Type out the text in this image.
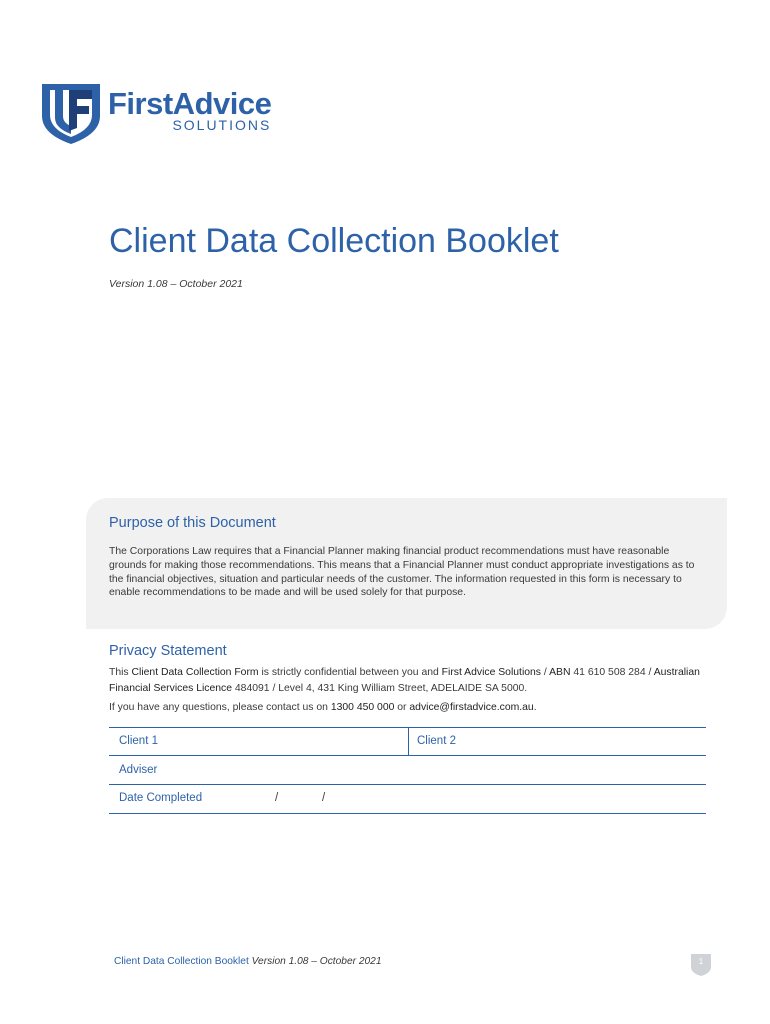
FirstAdvice
SOLUTIONS
Client Data Collection Booklet
Version 1.08 – October 2021
Purpose of this Document
The Corporations Law requires that a Financial Planner making financial product recommendations must have reasonable grounds for making those recommendations. This means that a Financial Planner must conduct appropriate investigations as to the financial objectives, situation and particular needs of the customer. The information requested in this form is necessary to enable recommendations to be made and will be used solely for that purpose.
Privacy Statement
This Client Data Collection Form is strictly confidential between you and First Advice Solutions / ABN 41 610 508 284 / Australian Financial Services Licence 484091 / Level 4, 431 King William Street, ADELAIDE SA 5000.
If you have any questions, please contact us on 1300 450 000 or advice@firstadvice.com.au.
Client 1	Client 2
Adviser
Date Completed	/	/
Client Data Collection Booklet Version 1.08 – October 2021	1
